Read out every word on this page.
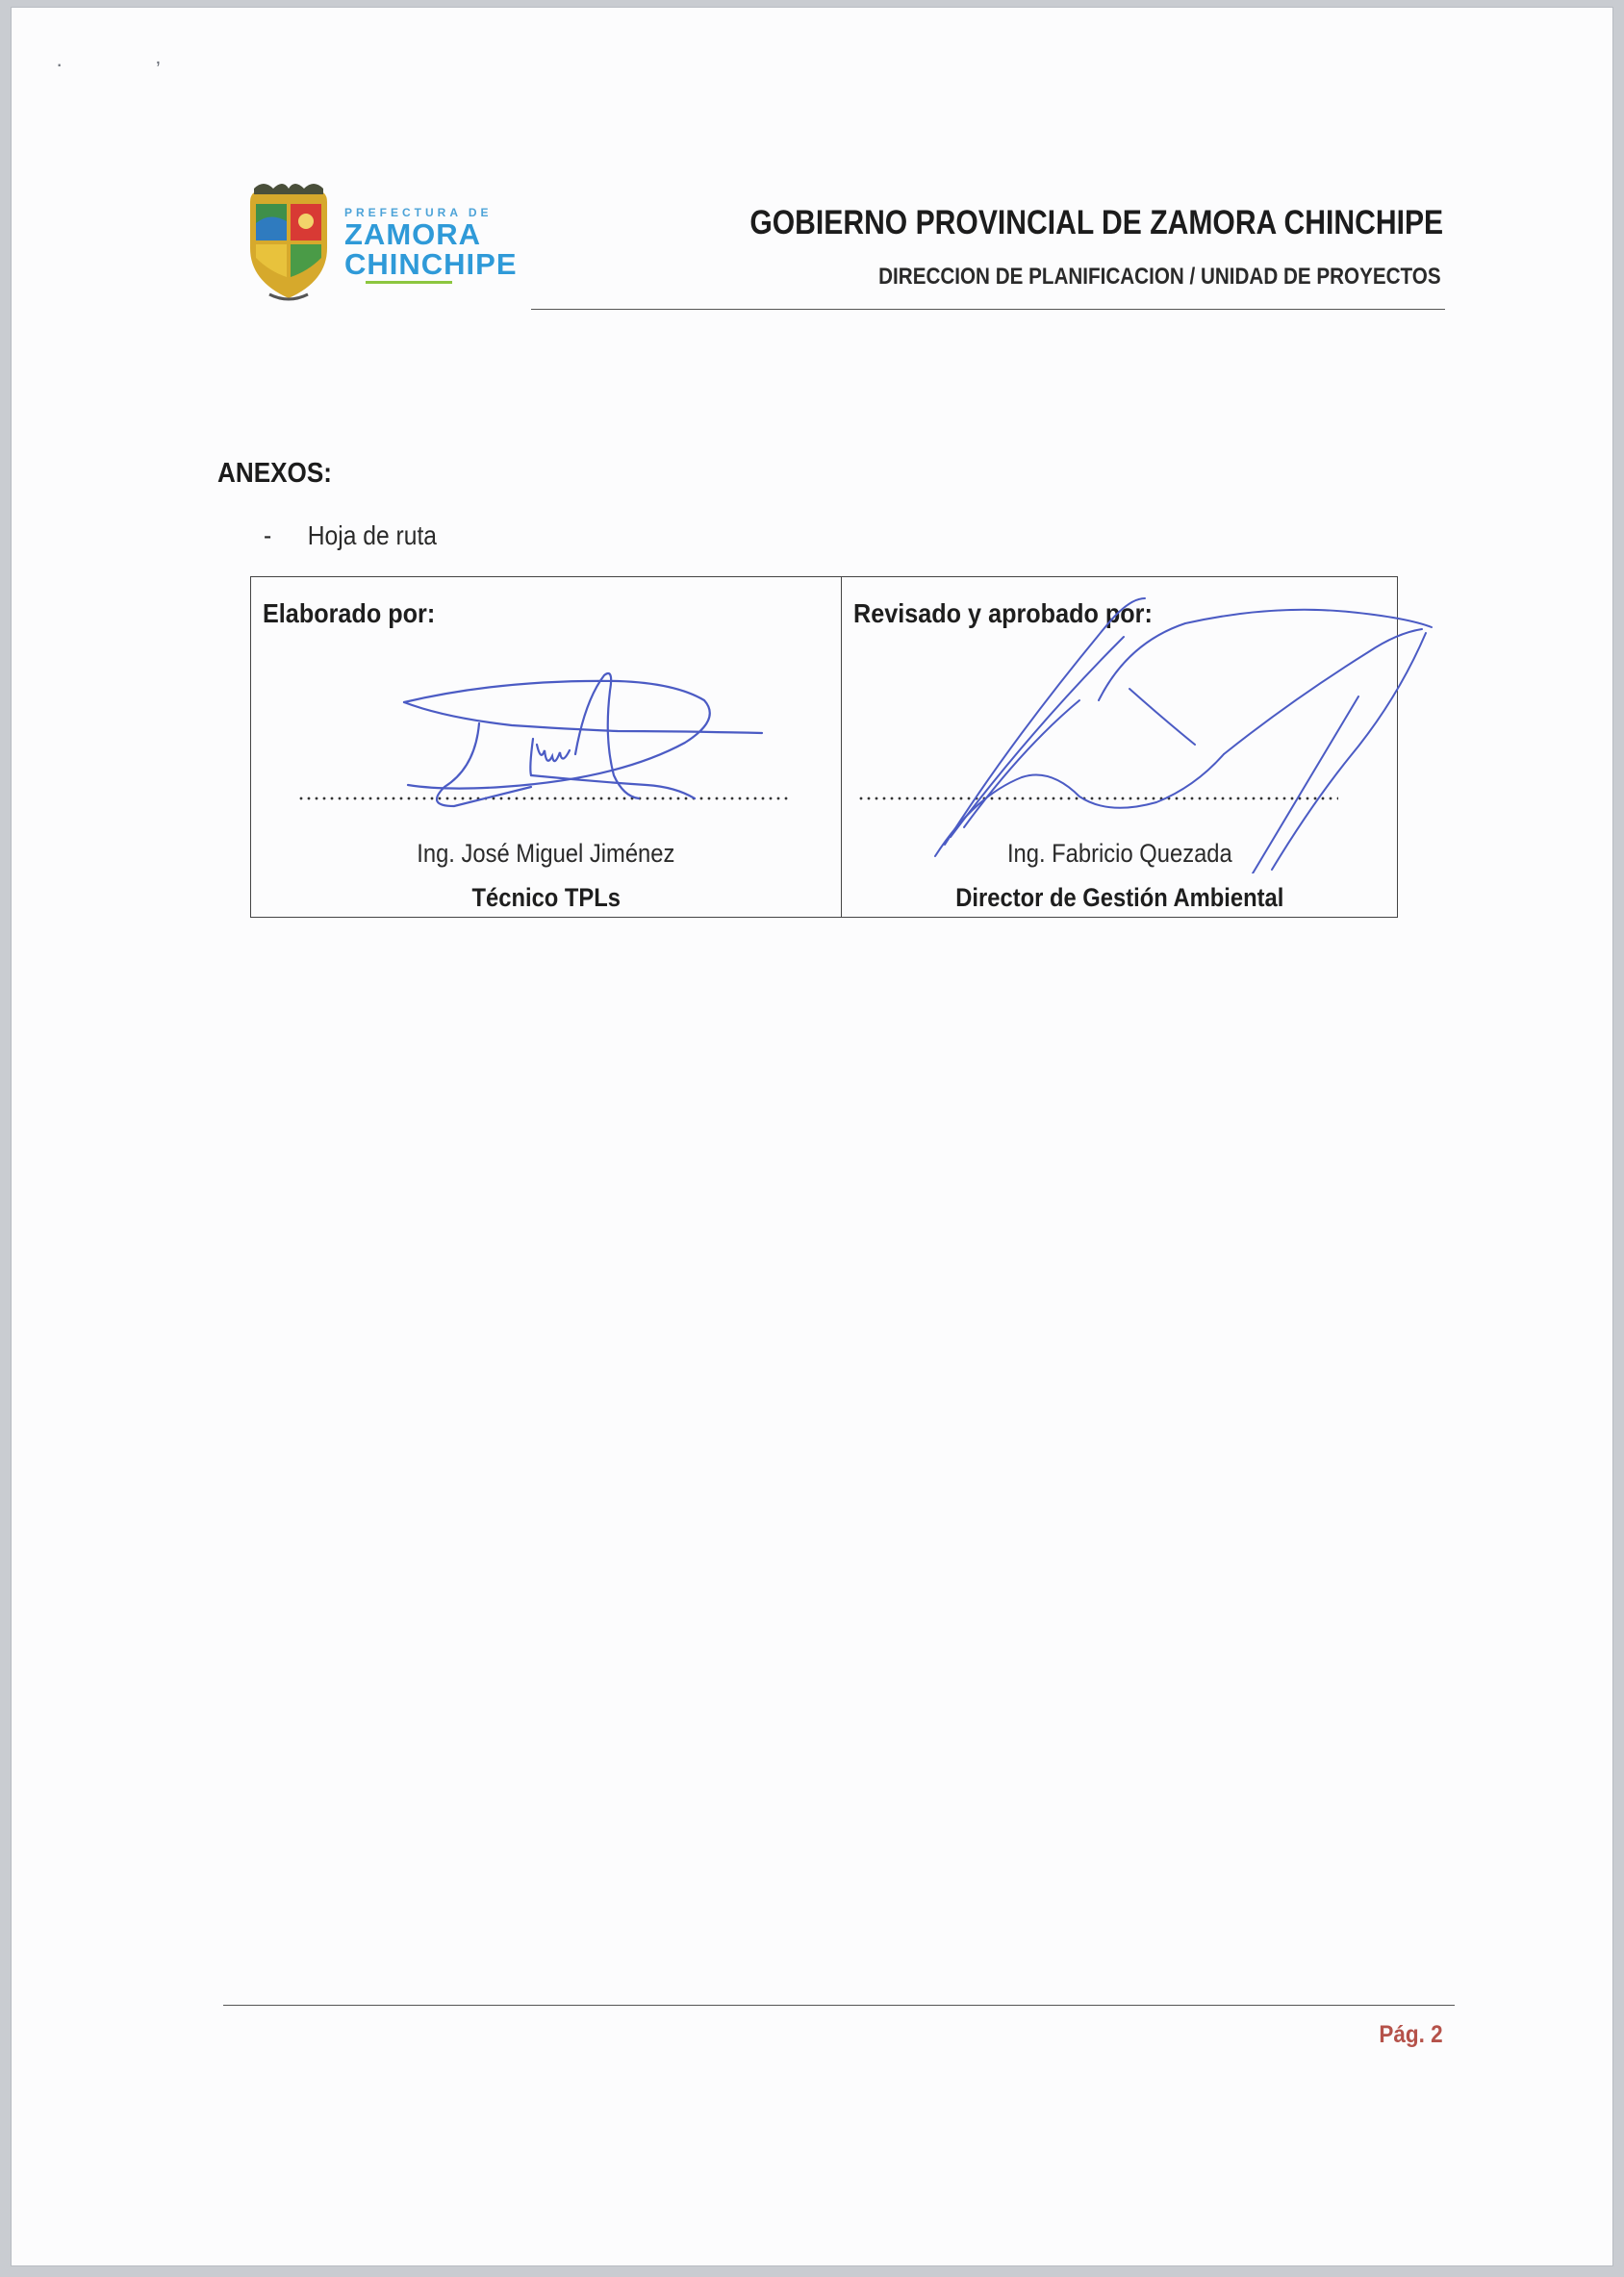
·	ʼ
PREFECTURA DE
ZAMORA
CHINCHIPE
GOBIERNO PROVINCIAL DE ZAMORA CHINCHIPE
DIRECCION DE PLANIFICACION / UNIDAD DE PROYECTOS
ANEXOS:
- Hoja de ruta
Elaborado por:
Ing. José Miguel Jiménez
Técnico TPLs
Revisado y aprobado por:
Ing. Fabricio Quezada
Director de Gestión Ambiental
Pág. 2
